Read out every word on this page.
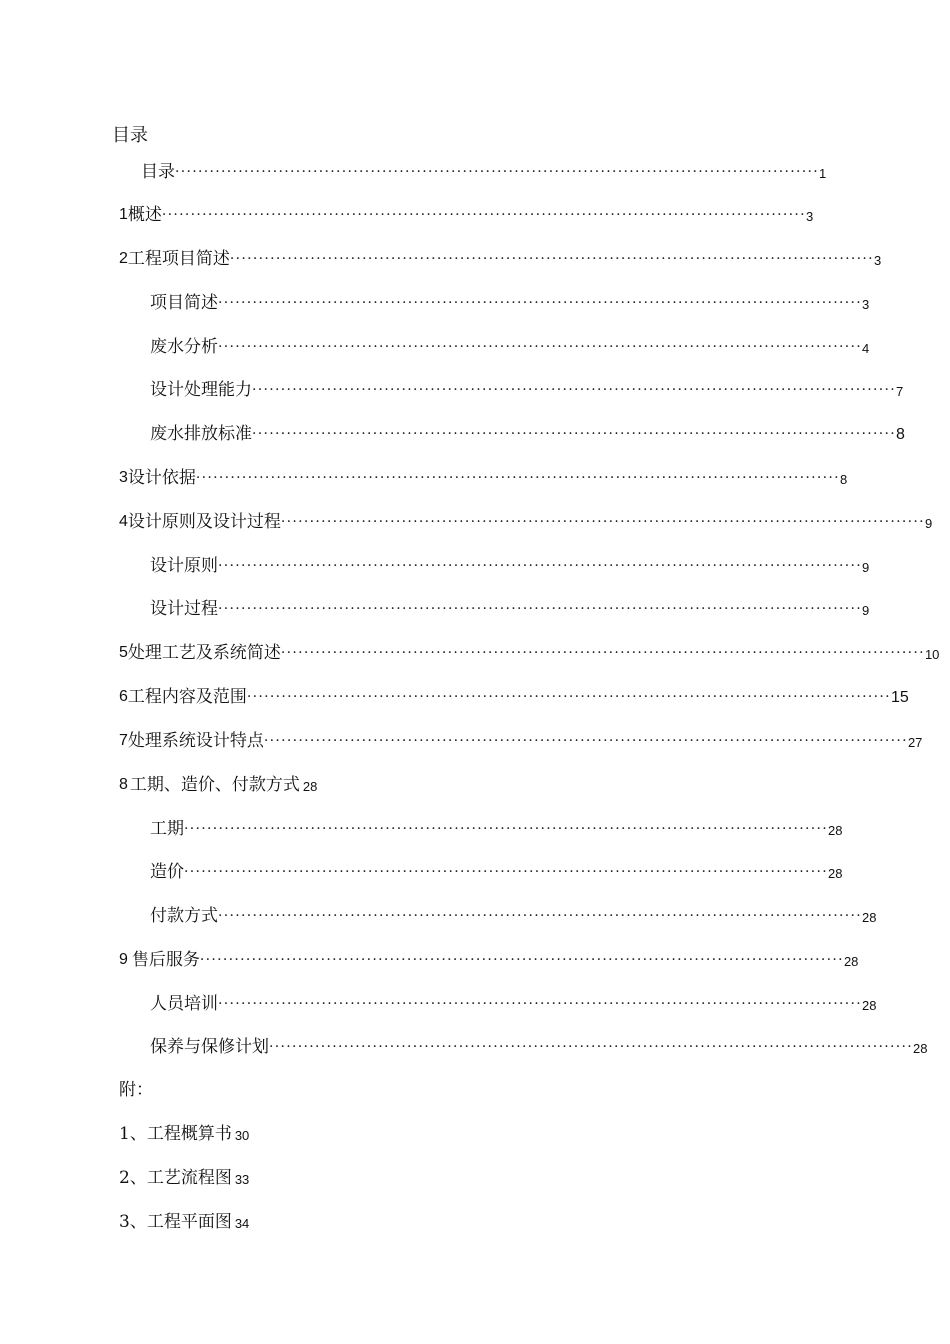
目录
目录 ················································································································ 1
1 概述 ················································································································ 3
2 工程项目简述 ················································································································ 3
项目简述 ················································································································ 3
废水分析 ················································································································ 4
设计处理能力 ················································································································ 7
废水排放标准 ················································································································ 8
3 设计依据 ················································································································ 8
4 设计原则及设计过程 ················································································································ 9
设计原则 ················································································································ 9
设计过程 ················································································································ 9
5 处理工艺及系统简述 ················································································································ 10
6 工程内容及范围 ················································································································ 15
7 处理系统设计特点 ················································································································ 27
8 工期、造价、付款方式 28
工期 ················································································································ 28
造价 ················································································································ 28
付款方式 ················································································································ 28
9 售后服务 ················································································································ 28
人员培训 ················································································································ 28
保养与保修计划 ················································································································ 28
附：
1、工程概算书 30
2、工艺流程图 33
3、工程平面图 34
